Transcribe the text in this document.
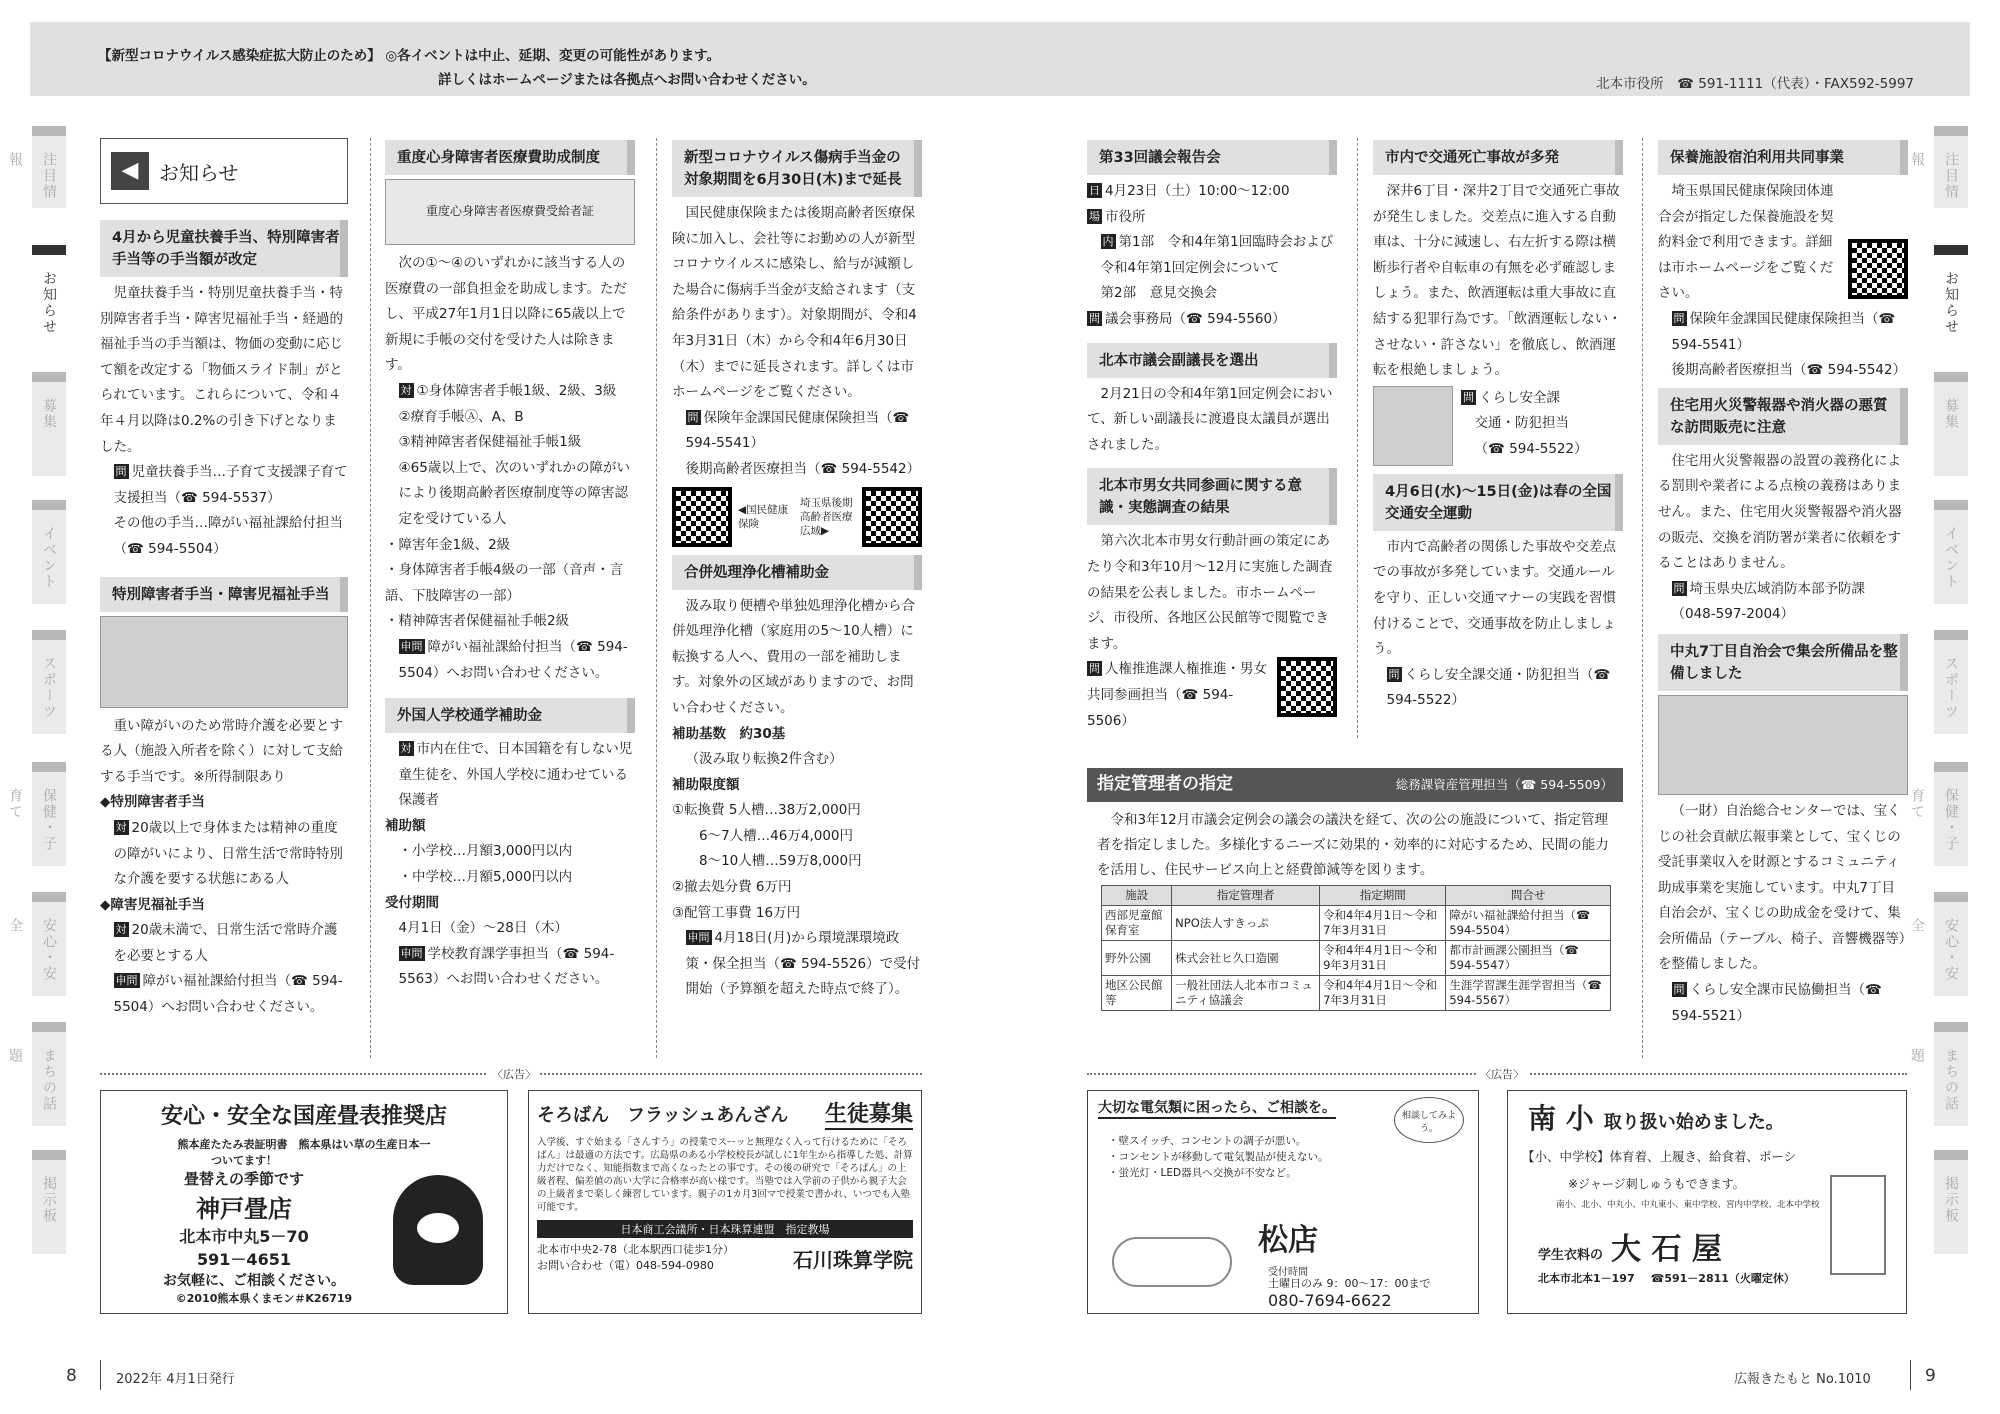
【新型コロナウイルス感染症拡大防止のため】 ◎各イベントは中止、延期、変更の可能性があります。
詳しくはホームページまたは各拠点へお問い合わせください。	北本市役所　☎ 591-1111（代表）・FAX592-5997
注目情報
お知らせ
募集
イベント
スポーツ
保健・子育て
安心・安全
まちの話題
掲示板
注目情報
お知らせ
募集
イベント
スポーツ
保健・子育て
安心・安全
まちの話題
掲示板
◀	お知らせ
4月から児童扶養手当、特別障害者手当等の手当額が改定

児童扶養手当・特別児童扶養手当・特別障害者手当・障害児福祉手当・経過的福祉手当の手当額は、物価の変動に応じて額を改定する「物価スライド制」がとられています。これらについて、令和４年４月以降は0.2%の引き下げとなりました。

問 児童扶養手当…子育て支援課子育て支援担当（☎ 594-5537）

その他の手当…障がい福祉課給付担当（☎ 594-5504）

特別障害者手当・障害児福祉手当

重い障がいのため常時介護を必要とする人（施設入所者を除く）に対して支給する手当です。※所得制限あり

◆特別障害者手当

対 20歳以上で身体または精神の重度の障がいにより、日常生活で常時特別な介護を要する状態にある人

◆障害児福祉手当

対 20歳未満で、日常生活で常時介護を必要とする人

申問 障がい福祉課給付担当（☎ 594-5504）へお問い合わせください。

重度心身障害者医療費助成制度
重度心身障害者医療費受給者証

次の①～④のいずれかに該当する人の医療費の一部負担金を助成します。ただし、平成27年1月1日以降に65歳以上で新規に手帳の交付を受けた人は除きます。

対 ①身体障害者手帳1級、2級、3級

②療育手帳Ⓐ、A、B

③精神障害者保健福祉手帳1級

④65歳以上で、次のいずれかの障がいにより後期高齢者医療制度等の障害認定を受けている人

・障害年金1級、2級

・身体障害者手帳4級の一部（音声・言語、下肢障害の一部）

・精神障害者保健福祉手帳2級

申問 障がい福祉課給付担当（☎ 594-5504）へお問い合わせください。

外国人学校通学補助金

対 市内在住で、日本国籍を有しない児童生徒を、外国人学校に通わせている保護者

補助額

・小学校…月額3,000円以内

・中学校…月額5,000円以内

受付期間

4月1日（金）～28日（木）

申問 学校教育課学事担当（☎ 594-5563）へお問い合わせください。

新型コロナウイルス傷病手当金の対象期間を6月30日(木)まで延長

国民健康保険または後期高齢者医療保険に加入し、会社等にお勤めの人が新型コロナウイルスに感染し、給与が減額した場合に傷病手当金が支給されます（支給条件があります）。対象期間が、令和4年3月31日（木）から令和4年6月30日（木）までに延長されます。詳しくは市ホームページをご覧ください。

問 保険年金課国民健康保険担当（☎ 594-5541）

後期高齢者医療担当（☎ 594-5542）

◀国民健康保険
埼玉県後期高齢者医療広域▶
合併処理浄化槽補助金

汲み取り便槽や単独処理浄化槽から合併処理浄化槽（家庭用の5～10人槽）に転換する人へ、費用の一部を補助します。対象外の区域がありますので、お問い合わせください。

補助基数　約30基

（汲み取り転換2件含む）

補助限度額

①転換費 5人槽…38万2,000円

6～7人槽…46万4,000円

8～10人槽…59万8,000円

②撤去処分費 6万円

③配管工事費 16万円

申問 4月18日(月)から環境課環境政策・保全担当（☎ 594-5526）で受付開始（予算額を超えた時点で終了）。

第33回議会報告会

日 4月23日（土）10:00～12:00

場 市役所

内 第1部　令和4年第1回臨時会および令和4年第1回定例会について

第2部　意見交換会

問 議会事務局（☎ 594-5560）

北本市議会副議長を選出

2月21日の令和4年第1回定例会において、新しい副議長に渡邉良太議員が選出されました。

北本市男女共同参画に関する意識・実態調査の結果

第六次北本市男女行動計画の策定にあたり令和3年10月～12月に実施した調査の結果を公表しました。市ホームページ、市役所、各地区公民館等で閲覧できます。

問 人権推進課人権推進・男女共同参画担当（☎ 594-5506）

市内で交通死亡事故が多発

深井6丁目・深井2丁目で交通死亡事故が発生しました。交差点に進入する自動車は、十分に減速し、右左折する際は横断歩行者や自転車の有無を必ず確認しましょう。また、飲酒運転は重大事故に直結する犯罪行為です。「飲酒運転しない・させない・許さない」を徹底し、飲酒運転を根絶しましょう。

問 くらし安全課

交通・防犯担当

（☎ 594-5522）

4月6日(水)～15日(金)は春の全国交通安全運動

市内で高齢者の関係した事故や交差点での事故が多発しています。交通ルールを守り、正しい交通マナーの実践を習慣付けることで、交通事故を防止しましょう。

問 くらし安全課交通・防犯担当（☎ 594-5522）

保養施設宿泊利用共同事業

埼玉県国民健康保険団体連合会が指定した保養施設を契約料金で利用できます。詳細は市ホームページをご覧ください。

問 保険年金課国民健康保険担当（☎ 594-5541）

後期高齢者医療担当（☎ 594-5542）

住宅用火災警報器や消火器の悪質な訪問販売に注意

住宅用火災警報器の設置の義務化による罰則や業者による点検の義務はありません。また、住宅用火災警報器や消火器の販売、交換を消防署が業者に依頼をすることはありません。

問 埼玉県央広域消防本部予防課（048-597-2004）

中丸7丁目自治会で集会所備品を整備しました

（一財）自治総合センターでは、宝くじの社会貢献広報事業として、宝くじの受託事業収入を財源とするコミュニティ助成事業を実施しています。中丸7丁目自治会が、宝くじの助成金を受けて、集会所備品（テーブル、椅子、音響機器等）を整備しました。

問 くらし安全課市民協働担当（☎ 594-5521）

指定管理者の指定	総務課資産管理担当（☎ 594-5509）

令和3年12月市議会定例会の議会の議決を経て、次の公の施設について、指定管理者を指定しました。多様化するニーズに効果的・効率的に対応するため、民間の能力を活用し、住民サービス向上と経費節減等を図ります。

施設	指定管理者	指定期間	問合せ
西部児童館保育室	NPO法人すきっぷ	令和4年4月1日～令和7年3月31日	障がい福祉課給付担当（☎ 594-5504）
野外公園	株式会社ヒ久口造園	令和4年4月1日～令和9年3月31日	都市計画課公園担当（☎ 594-5547）
地区公民館等	一般社団法人北本市コミュニティ協議会	令和4年4月1日～令和7年3月31日	生涯学習課生涯学習担当（☎ 594-5567）
〈広告〉	〈広告〉
安心・安全な国産畳表推奨店
熊本産たたみ表証明書　熊本県はい草の生産日本一
ついてます！
畳替えの季節です
神戸畳店
北本市中丸5－70
591－4651
お気軽に、ご相談ください。
©2010熊本県くまモン＃K26719
そろばん　フラッシュあんざん 生徒募集
入学後、すぐ始まる「さんすう」の授業でスーッと無理なく入って行けるために「そろばん」は最適の方法です。広島県のある小学校校長が試しに1年生から指導した処、計算力だけでなく、知能指数まで高くなったとの事です。その後の研究で「そろばん」の上級者程、偏差値の高い大学に合格率が高い様です。当塾では入学前の子供から親子大会の上級者まで楽しく練習しています。親子の1カ月3回マで授業で書かれ、いつでも入塾可能です。
日本商工会議所・日本珠算連盟　指定教場
北本市中央2-78（北本駅西口徒歩1分）
お問い合わせ（電）048-594-0980	石川珠算学院
大切な電気類に困ったら、ご相談を。	相談してみよう。
・壁スイッチ、コンセントの調子が悪い。
・コンセントが移動して電気製品が使えない。
・蛍光灯・LED器具へ交換が不安など。
松店
受付時間
土曜日のみ 9：00～17：00まで
080-7694-6622
南 小 取り扱い始めました。
【小、中学校】体育着、上履き、給食着、ポーシ
※ジャージ刺しゅうもできます。
南小、北小、中丸小、中丸東小、東中学校、宮内中学校、北本中学校
学生衣料の 大 石 屋
北本市北本1－197 ☎591－2811（火曜定休）
8	2022年 4月1日発行	広報きたもと No.1010	9
